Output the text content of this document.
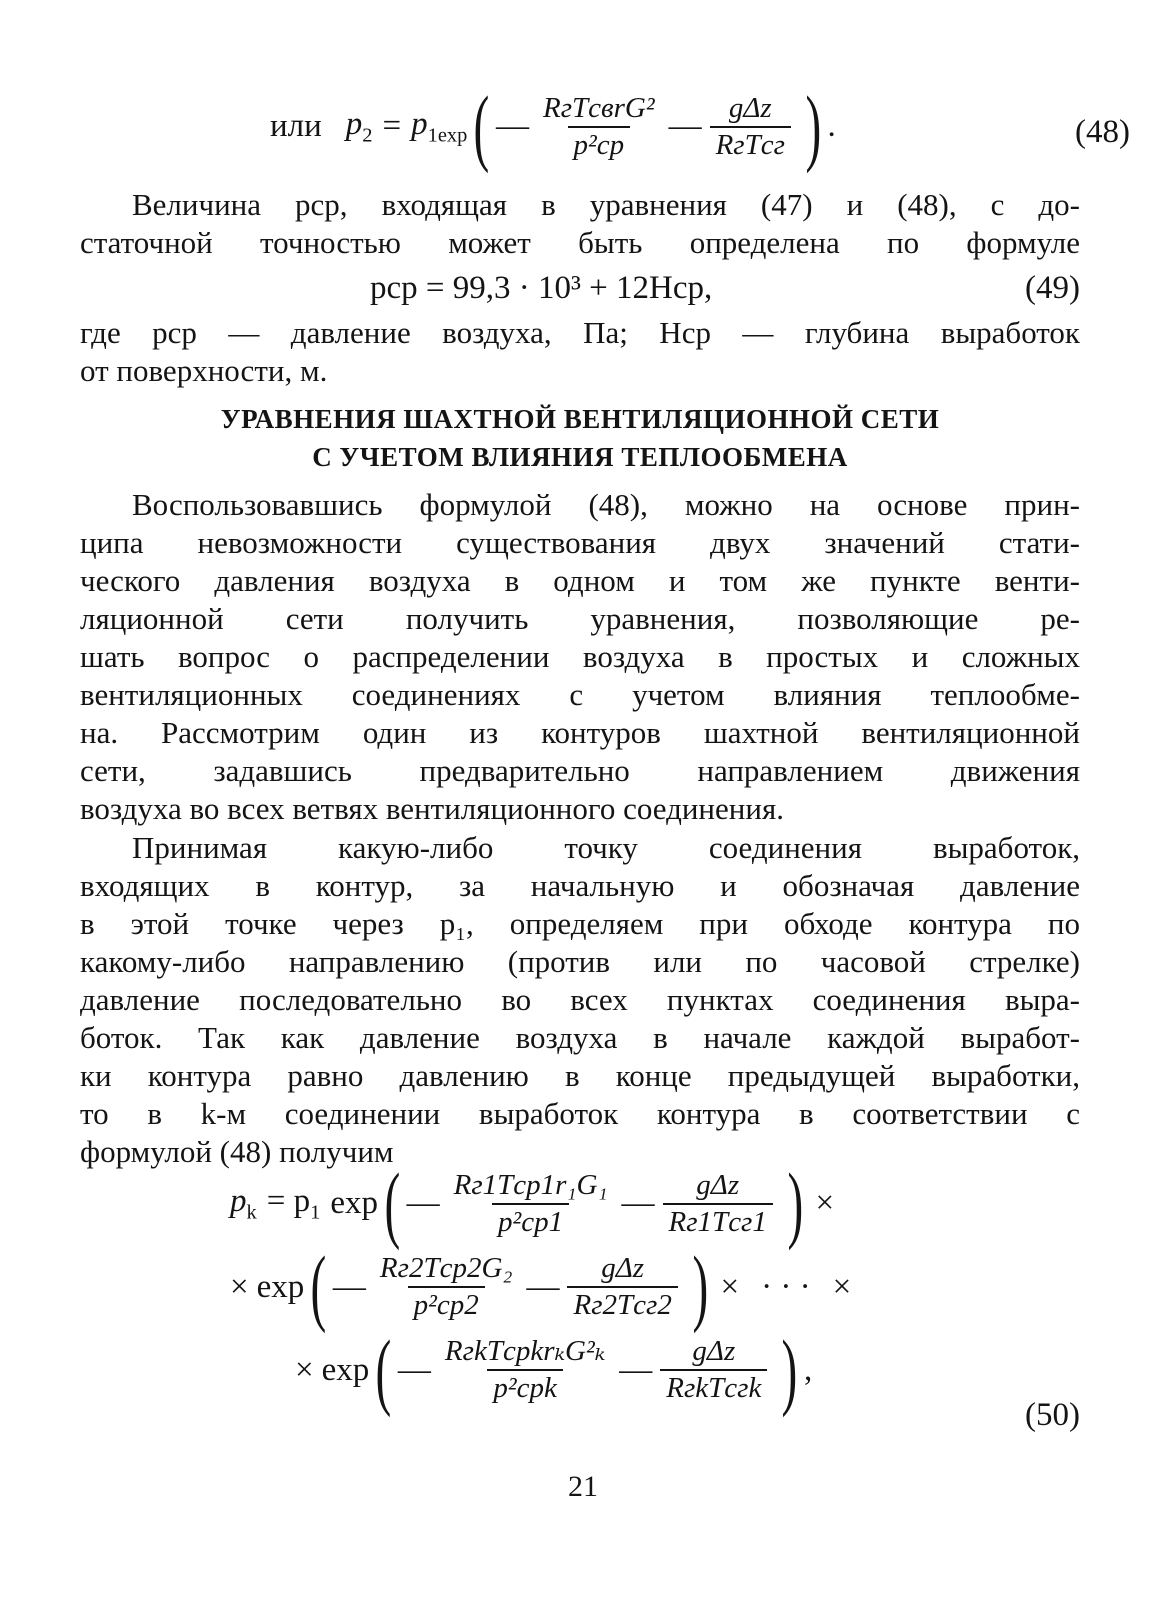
или $p_2 = p_{1exp}$ ( — $\frac{\text{RгTсвrG²}}{\text{p²ср}}$ — $\frac{\text{gΔz}}{\text{RгTсг}}$ ) .	(48)
Величина pср, входящая в уравнения (47) и (48), с до-
статочной точностью может быть определена по формуле
pср = 99,3 · 10³ + 12Hср,	(49)
где pср — давление воздуха, Па; Hср — глубина выработок
от поверхности, м.
УРАВНЕНИЯ ШАХТНОЙ ВЕНТИЛЯЦИОННОЙ СЕТИ
С УЧЕТОМ ВЛИЯНИЯ ТЕПЛООБМЕНА
Воспользовавшись формулой (48), можно на основе прин-
ципа невозможности существования двух значений стати-
ческого давления воздуха в одном и том же пункте венти-
ляционной сети получить уравнения, позволяющие ре-
шать вопрос о распределении воздуха в простых и сложных
вентиляционных соединениях с учетом влияния теплообме-
на. Рассмотрим один из контуров шахтной вентиляционной
сети, задавшись предварительно направлением движения
воздуха во всех ветвях вентиляционного соединения.
Принимая какую-либо точку соединения выработок,
входящих в контур, за начальную и обозначая давление
в этой точке через p₁, определяем при обходе контура по
какому-либо направлению (против или по часовой стрелке)
давление последовательно во всех пунктах соединения выра-
боток. Так как давление воздуха в начале каждой выработ-
ки контура равно давлению в конце предыдущей выработки,
то в k-м соединении выработок контура в соответствии с
формулой (48) получим
$p_k = p_1$ exp ( — $\frac{\text{Rг1Tср1r₁G₁}}{\text{p²ср1}}$ — $\frac{\text{gΔz}}{\text{Rг1Tсг1}}$ ) ×
× exp ( — $\frac{\text{Rг2Tср2G₂}}{\text{p²ср2}}$ — $\frac{\text{gΔz}}{\text{Rг2Tсг2}}$ ) × · · · ×
× exp ( — $\frac{\text{RгkTсрkrₖG²ₖ}}{\text{p²срk}}$ — $\frac{\text{gΔz}}{\text{RгkTсгk}}$ ) ,
(50)
21
